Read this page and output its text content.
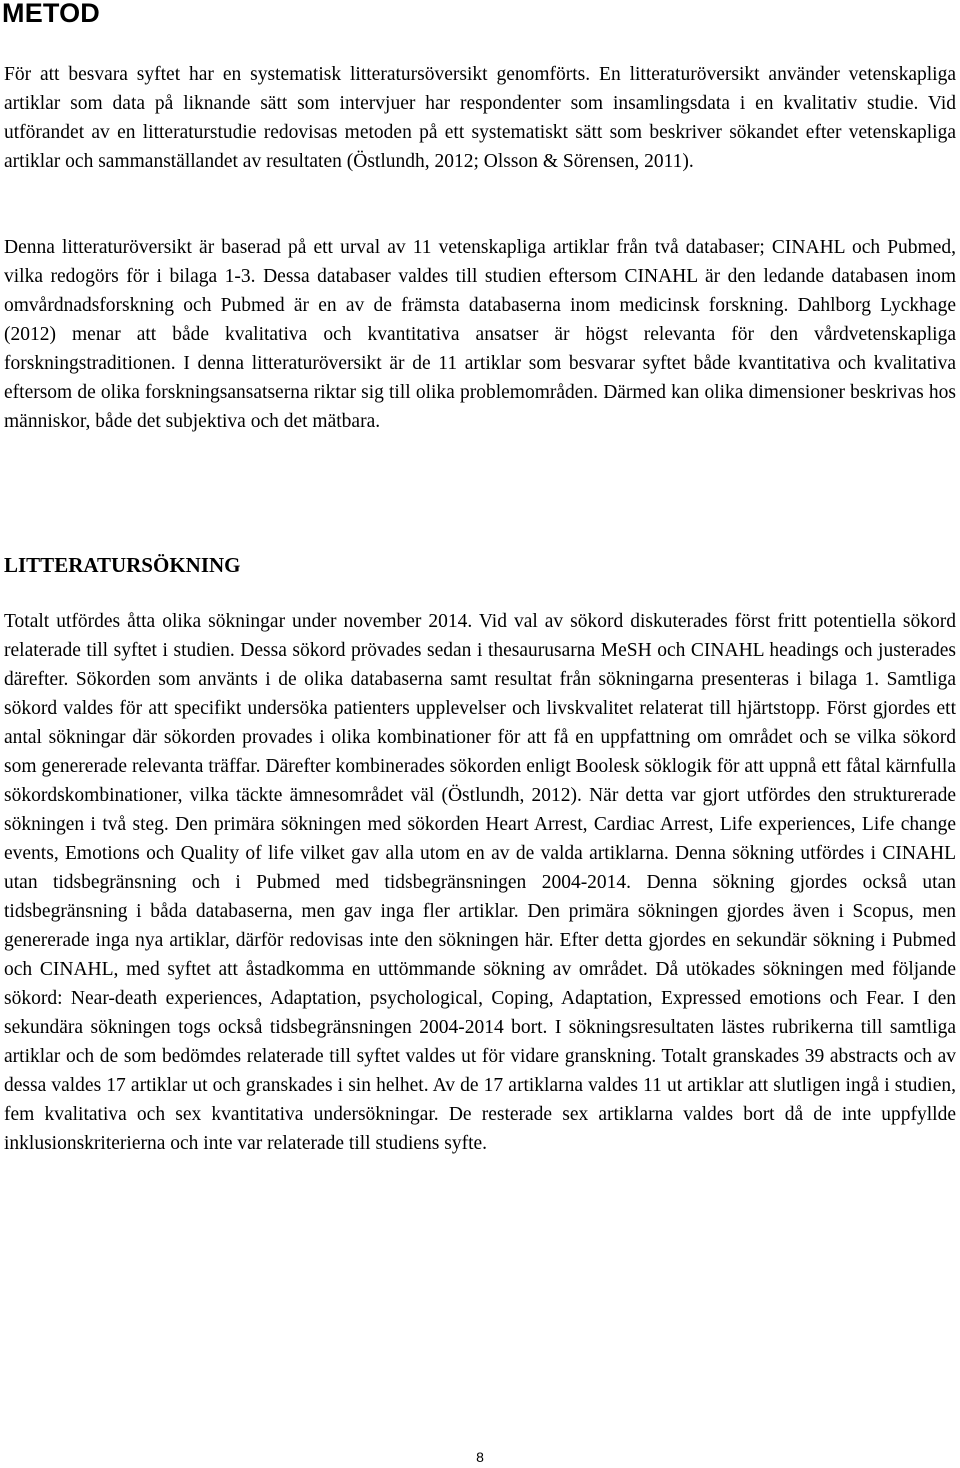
METOD

För att besvara syftet har en systematisk litteratursöversikt genomförts. En litteraturöversikt använder vetenskapliga artiklar som data på liknande sätt som intervjuer har respondenter som insamlingsdata i en kvalitativ studie. Vid utförandet av en litteraturstudie redovisas metoden på ett systematiskt sätt som beskriver sökandet efter vetenskapliga artiklar och sammanställandet av resultaten (Östlundh, 2012; Olsson & Sörensen, 2011).

Denna litteraturöversikt är baserad på ett urval av 11 vetenskapliga artiklar från två databaser; CINAHL och Pubmed, vilka redogörs för i bilaga 1-3. Dessa databaser valdes till studien eftersom CINAHL är den ledande databasen inom omvårdnadsforskning och Pubmed är en av de främsta databaserna inom medicinsk forskning. Dahlborg Lyckhage (2012) menar att både kvalitativa och kvantitativa ansatser är högst relevanta för den vårdvetenskapliga forskningstraditionen. I denna litteraturöversikt är de 11 artiklar som besvarar syftet både kvantitativa och kvalitativa eftersom de olika forskningsansatserna riktar sig till olika problemområden. Därmed kan olika dimensioner beskrivas hos människor, både det subjektiva och det mätbara.

LITTERATURSÖKNING

Totalt utfördes åtta olika sökningar under november 2014. Vid val av sökord diskuterades först fritt potentiella sökord relaterade till syftet i studien. Dessa sökord prövades sedan i thesaurusarna MeSH och CINAHL headings och justerades därefter. Sökorden som använts i de olika databaserna samt resultat från sökningarna presenteras i bilaga 1. Samtliga sökord valdes för att specifikt undersöka patienters upplevelser och livskvalitet relaterat till hjärtstopp. Först gjordes ett antal sökningar där sökorden provades i olika kombinationer för att få en uppfattning om området och se vilka sökord som genererade relevanta träffar. Därefter kombinerades sökorden enligt Boolesk söklogik för att uppnå ett fåtal kärnfulla sökordskombinationer, vilka täckte ämnesområdet väl (Östlundh, 2012). När detta var gjort utfördes den strukturerade sökningen i två steg. Den primära sökningen med sökorden Heart Arrest, Cardiac Arrest, Life experiences, Life change events, Emotions och Quality of life vilket gav alla utom en av de valda artiklarna. Denna sökning utfördes i CINAHL utan tidsbegränsning och i Pubmed med tidsbegränsningen 2004-2014. Denna sökning gjordes också utan tidsbegränsning i båda databaserna, men gav inga fler artiklar. Den primära sökningen gjordes även i Scopus, men genererade inga nya artiklar, därför redovisas inte den sökningen här. Efter detta gjordes en sekundär sökning i Pubmed och CINAHL, med syftet att åstadkomma en uttömmande sökning av området. Då utökades sökningen med följande sökord: Near-death experiences, Adaptation, psychological, Coping, Adaptation, Expressed emotions och Fear. I den sekundära sökningen togs också tidsbegränsningen 2004-2014 bort. I sökningsresultaten lästes rubrikerna till samtliga artiklar och de som bedömdes relaterade till syftet valdes ut för vidare granskning. Totalt granskades 39 abstracts och av dessa valdes 17 artiklar ut och granskades i sin helhet. Av de 17 artiklarna valdes 11 ut artiklar att slutligen ingå i studien, fem kvalitativa och sex kvantitativa undersökningar. De resterade sex artiklarna valdes bort då de inte uppfyllde inklusionskriterierna och inte var relaterade till studiens syfte.

8
